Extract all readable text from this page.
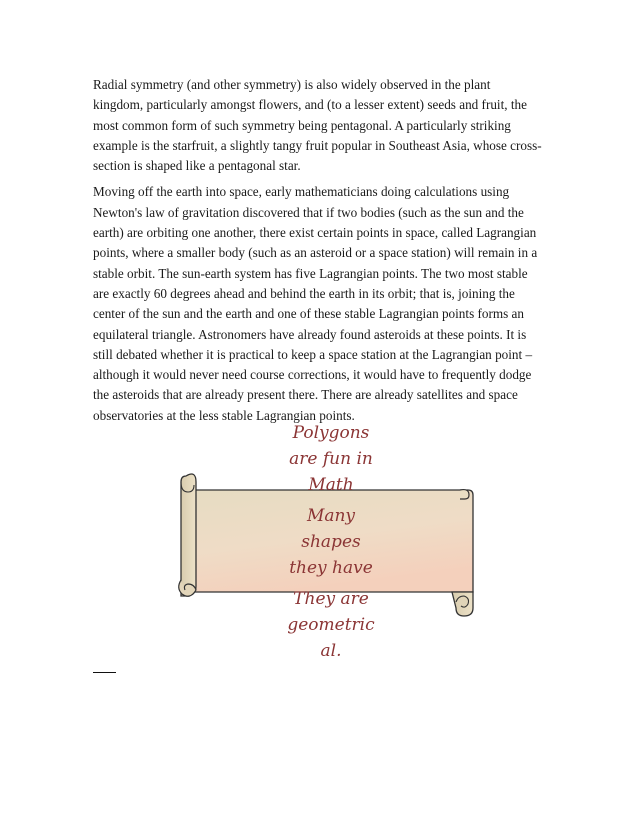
Radial symmetry (and other symmetry) is also widely observed in the plant kingdom, particularly amongst flowers, and (to a lesser extent) seeds and fruit, the most common form of such symmetry being pentagonal. A particularly striking example is the starfruit, a slightly tangy fruit popular in Southeast Asia, whose cross-section is shaped like a pentagonal star.

Moving off the earth into space, early mathematicians doing calculations using Newton's law of gravitation discovered that if two bodies (such as the sun and the earth) are orbiting one another, there exist certain points in space, called Lagrangian points, where a smaller body (such as an asteroid or a space station) will remain in a stable orbit. The sun-earth system has five Lagrangian points. The two most stable are exactly 60 degrees ahead and behind the earth in its orbit; that is, joining the center of the sun and the earth and one of these stable Lagrangian points forms an equilateral triangle. Astronomers have already found asteroids at these points. It is still debated whether it is practical to keep a space station at the Lagrangian point – although it would never need course corrections, it would have to frequently dodge the asteroids that are already present there. There are already satellites and space observatories at the less stable Lagrangian points.

Polygons
are fun in
Math
Many
shapes
they have
They are
geometric
al.
